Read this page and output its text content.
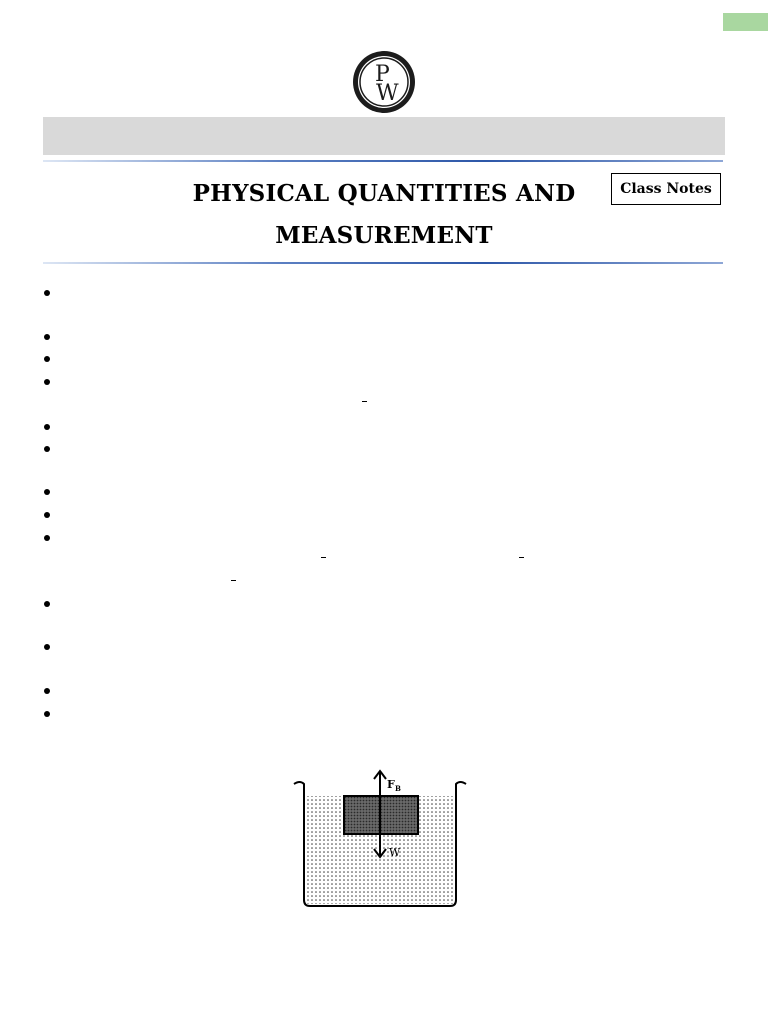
P
W
PHYSICAL QUANTITIES AND
MEASUREMENT
Class Notes
F B
W
